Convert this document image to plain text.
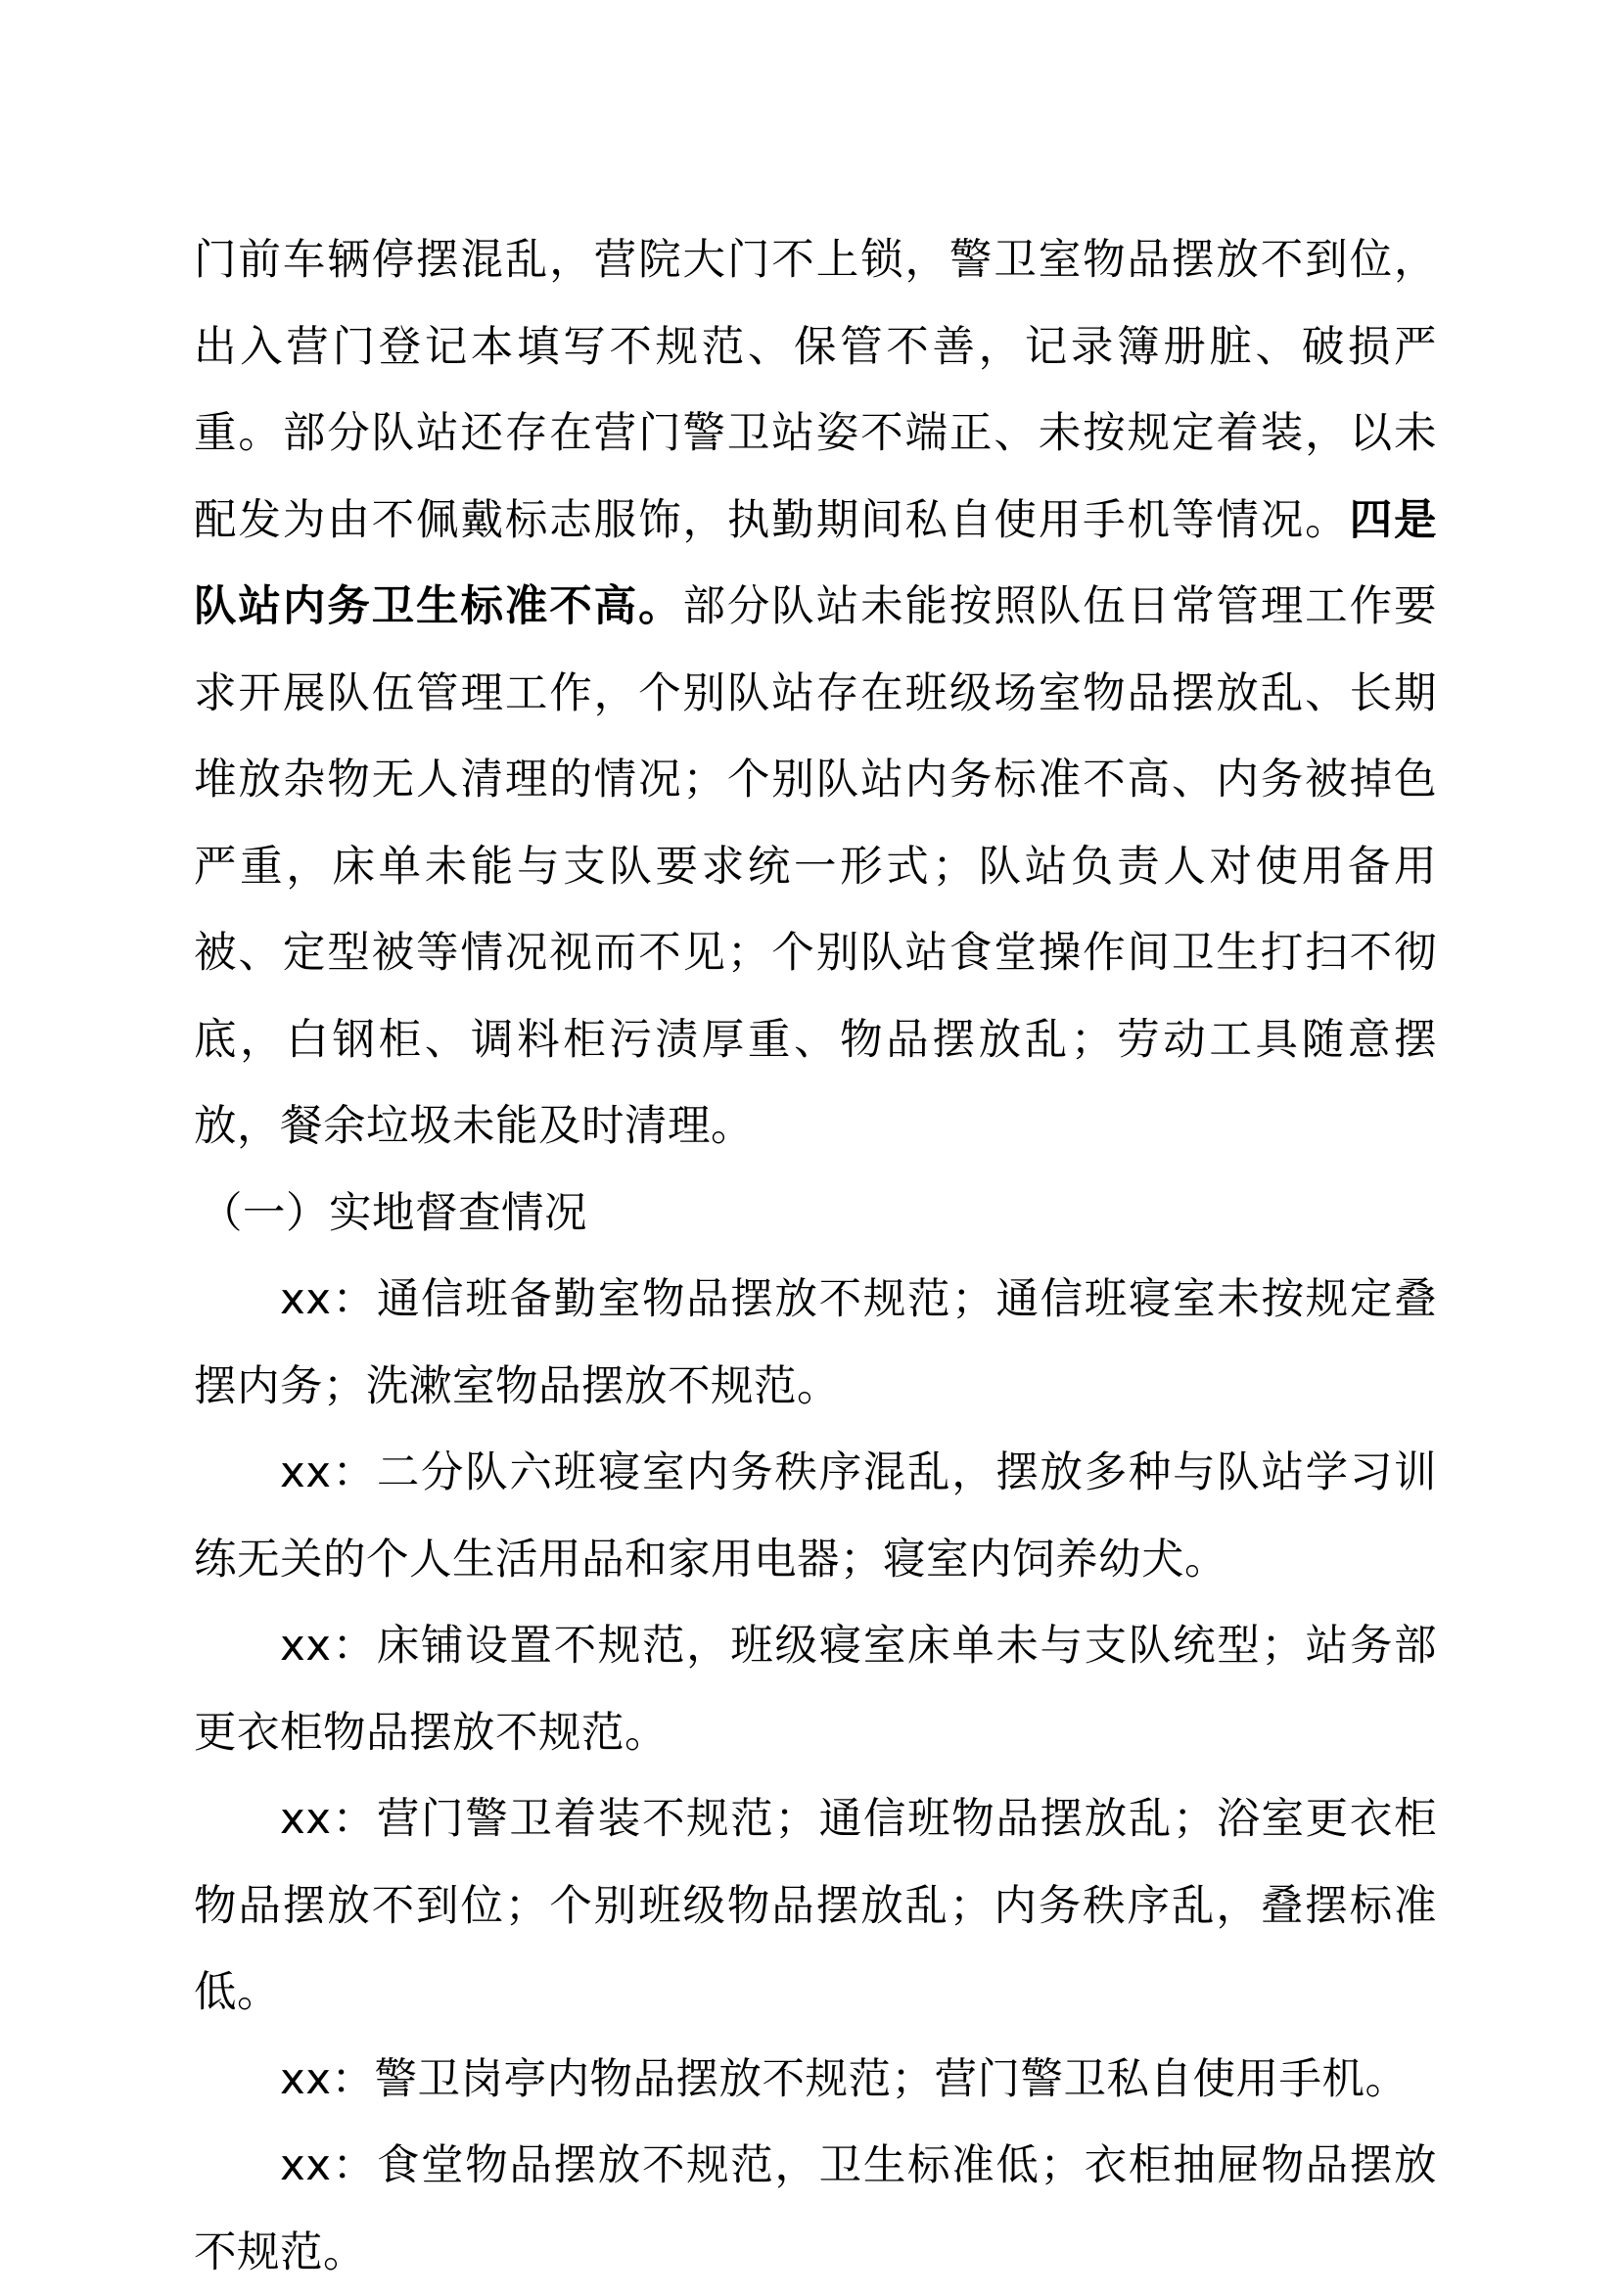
门前车辆停摆混乱，营院大门不上锁，警卫室物品摆放不到位，出入营门登记本填写不规范、保管不善，记录簿册脏、破损严重。部分队站还存在营门警卫站姿不端正、未按规定着装，以未配发为由不佩戴标志服饰，执勤期间私自使用手机等情况。四是队站内务卫生标准不高。部分队站未能按照队伍日常管理工作要求开展队伍管理工作，个别队站存在班级场室物品摆放乱、长期堆放杂物无人清理的情况；个别队站内务标准不高、内务被掉色严重，床单未能与支队要求统一形式；队站负责人对使用备用被、定型被等情况视而不见；个别队站食堂操作间卫生打扫不彻底，白钢柜、调料柜污渍厚重、物品摆放乱；劳动工具随意摆放，餐余垃圾未能及时清理。

（一）实地督查情况

xx：通信班备勤室物品摆放不规范；通信班寝室未按规定叠摆内务；洗漱室物品摆放不规范。

xx：二分队六班寝室内务秩序混乱，摆放多种与队站学习训练无关的个人生活用品和家用电器；寝室内饲养幼犬。

xx：床铺设置不规范，班级寝室床单未与支队统型；站务部更衣柜物品摆放不规范。

xx：营门警卫着装不规范；通信班物品摆放乱；浴室更衣柜物品摆放不到位；个别班级物品摆放乱；内务秩序乱，叠摆标准低。

xx：警卫岗亭内物品摆放不规范；营门警卫私自使用手机。

xx：食堂物品摆放不规范，卫生标准低；衣柜抽屉物品摆放不规范。
